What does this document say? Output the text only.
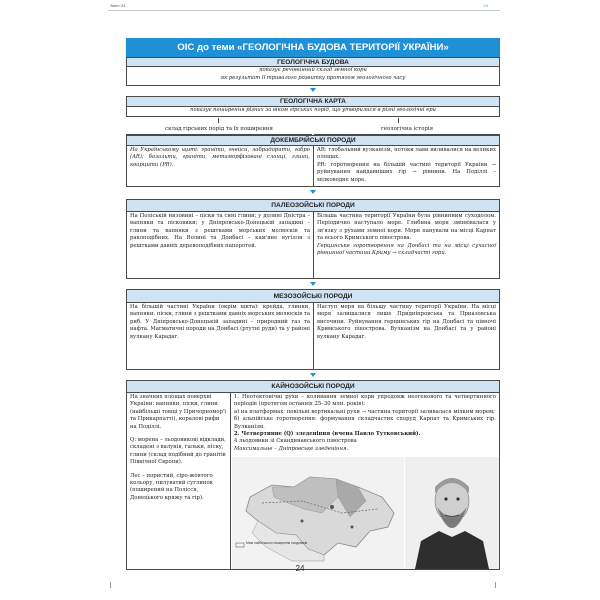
Зміст 24	24
ОІС до теми «ГЕОЛОГІЧНА БУДОВА ТЕРИТОРІЇ УКРАЇНИ»
ГЕОЛОГІЧНА БУДОВА
показує речовинний склад земної кори
як результат її тривалого розвитку протягом геологічного часу
ГЕОЛОГІЧНА КАРТА
показує поширення різних за віком гірських порід, що утворилися в різні геологічні ери
склад гірських порід та їх поширення	геологічна історія
ДОКЕМБРІЙСЬКІ ПОРОДИ
На Українському щиті: граніти, гнейси, лабрадорити, габро (AR); базальти, граніти, метаморфізовані сланці, глини, кварцити (PR).
AR: глобальний вулканізм, потоки лави виливалися на великих площах.
PR: горотворення на більшій частині території України → руйнування найдавніших гір → рівнини. На Поділлі – мілководне море.
ПАЛЕОЗОЙСЬКІ ПОРОДИ
На Поліській низовині – піски та сині глини; у долині Дністра – вапняки та пісковики; у Дніпровсько-Донецькій западині – глини та вапняки з рештками морських молюсків та ракоподібних. На Волині та Донбасі – кам'яне вугілля з рештками давніх деревоподібних папоротей.
Більша частина території України була рівнинним суходолом. Періодично наступало море. Глибина моря змінювалася у зв'язку з рухами земної кори. Моря панували на місці Карпат та всього Кримського півострова.
Герцинське горотворення на Донбасі та на місці сучасної рівнинної частини Криму → складчасті гори.
МЕЗОЗОЙСЬКІ ПОРОДИ
На більшій частині України (окрім щита): крейда, глинки, вапняки, піски, глини з рештками давніх морських молюсків та риб. У Дніпровсько-Донецькій западині – природний газ та нафта. Магматичні породи на Донбасі (ртутні руди) та у районі вулкану Карадаг.
Наступ моря на більшу частину території України. На місці моря залишалися лише Придніпровська та Приазовська височини. Руйнування герцинських гір на Донбасі та півночі Кримського півострова. Вулканізм на Донбасі та у районі вулкану Карадаг.
КАЙНОЗОЙСЬКІ ПОРОДИ
На значних площах поверхні України: вапняки, піски, глини (найбільші товщі у Причорномор'ї та Прикарпатті), коралові рифи на Поділлі.
Q: морена – льодовикові відклади, складені з валунів, гальки, піску, глини (склад подібний до гранітів Північної Європи).
Лес – пористий, сіро-жовтого кольору, пилуватий суглинок (поширений на Полісся, Донецького кряжу та гір).
1. Неотектонічні рухи – коливання земної кори упродовж неогенового та четвертинного періодів (протягом останніх 25–30 млн. років):
а) на платформах: повільні вертикальні рухи → частина території заливалася мілким морем;
б) альпійське горотворення: формування складчастих споруд Карпат та Кримських гір. Вулканізм.
2. Четвертинне (Q) зледеніння (вчена Павло Тутковський).
4 льодовики зі Скандинавського півострова
Максимальне – Дніпровське зледеніння.
Межі найбільшого поширення льодовиків
24
